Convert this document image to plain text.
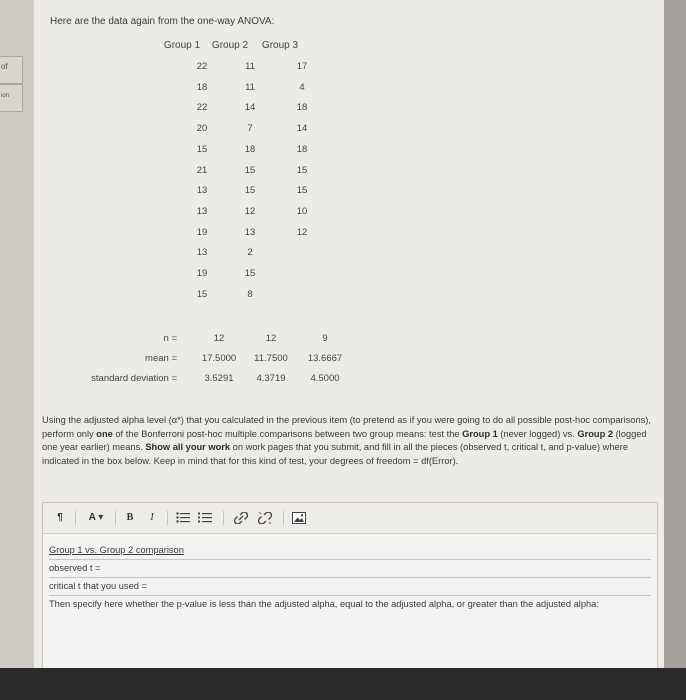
of
ion
Here are the data again from the one-way ANOVA:
Group 1	Group 2	Group 3
22	11	17
18	11	4
22	14	18
20	7	14
15	18	18
21	15	15
13	15	15
13	12	10
19	13	12
13	2
19	15
15	8
n =	12	12	9
mean =	17.5000	11.7500	13.6667
standard deviation =	3.5291	4.3719	4.5000
Using the adjusted alpha level (α*) that you calculated in the previous item (to pretend as if you were going to do all possible post-hoc comparisons), perform only one of the Bonferroni post-hoc multiple comparisons between two group means: test the Group 1 (never logged) vs. Group 2 (logged one year earlier) means. Show all your work on work pages that you submit, and fill in all the pieces (observed t, critical t, and p-value) where indicated in the box below. Keep in mind that for this kind of test, your degrees of freedom = df(Error).
¶	A ▾	B	I
Group 1 vs. Group 2 comparison
observed t =
critical t that you used =
Then specify here whether the p-value is less than the adjusted alpha, equal to the adjusted alpha, or greater than the adjusted alpha:
